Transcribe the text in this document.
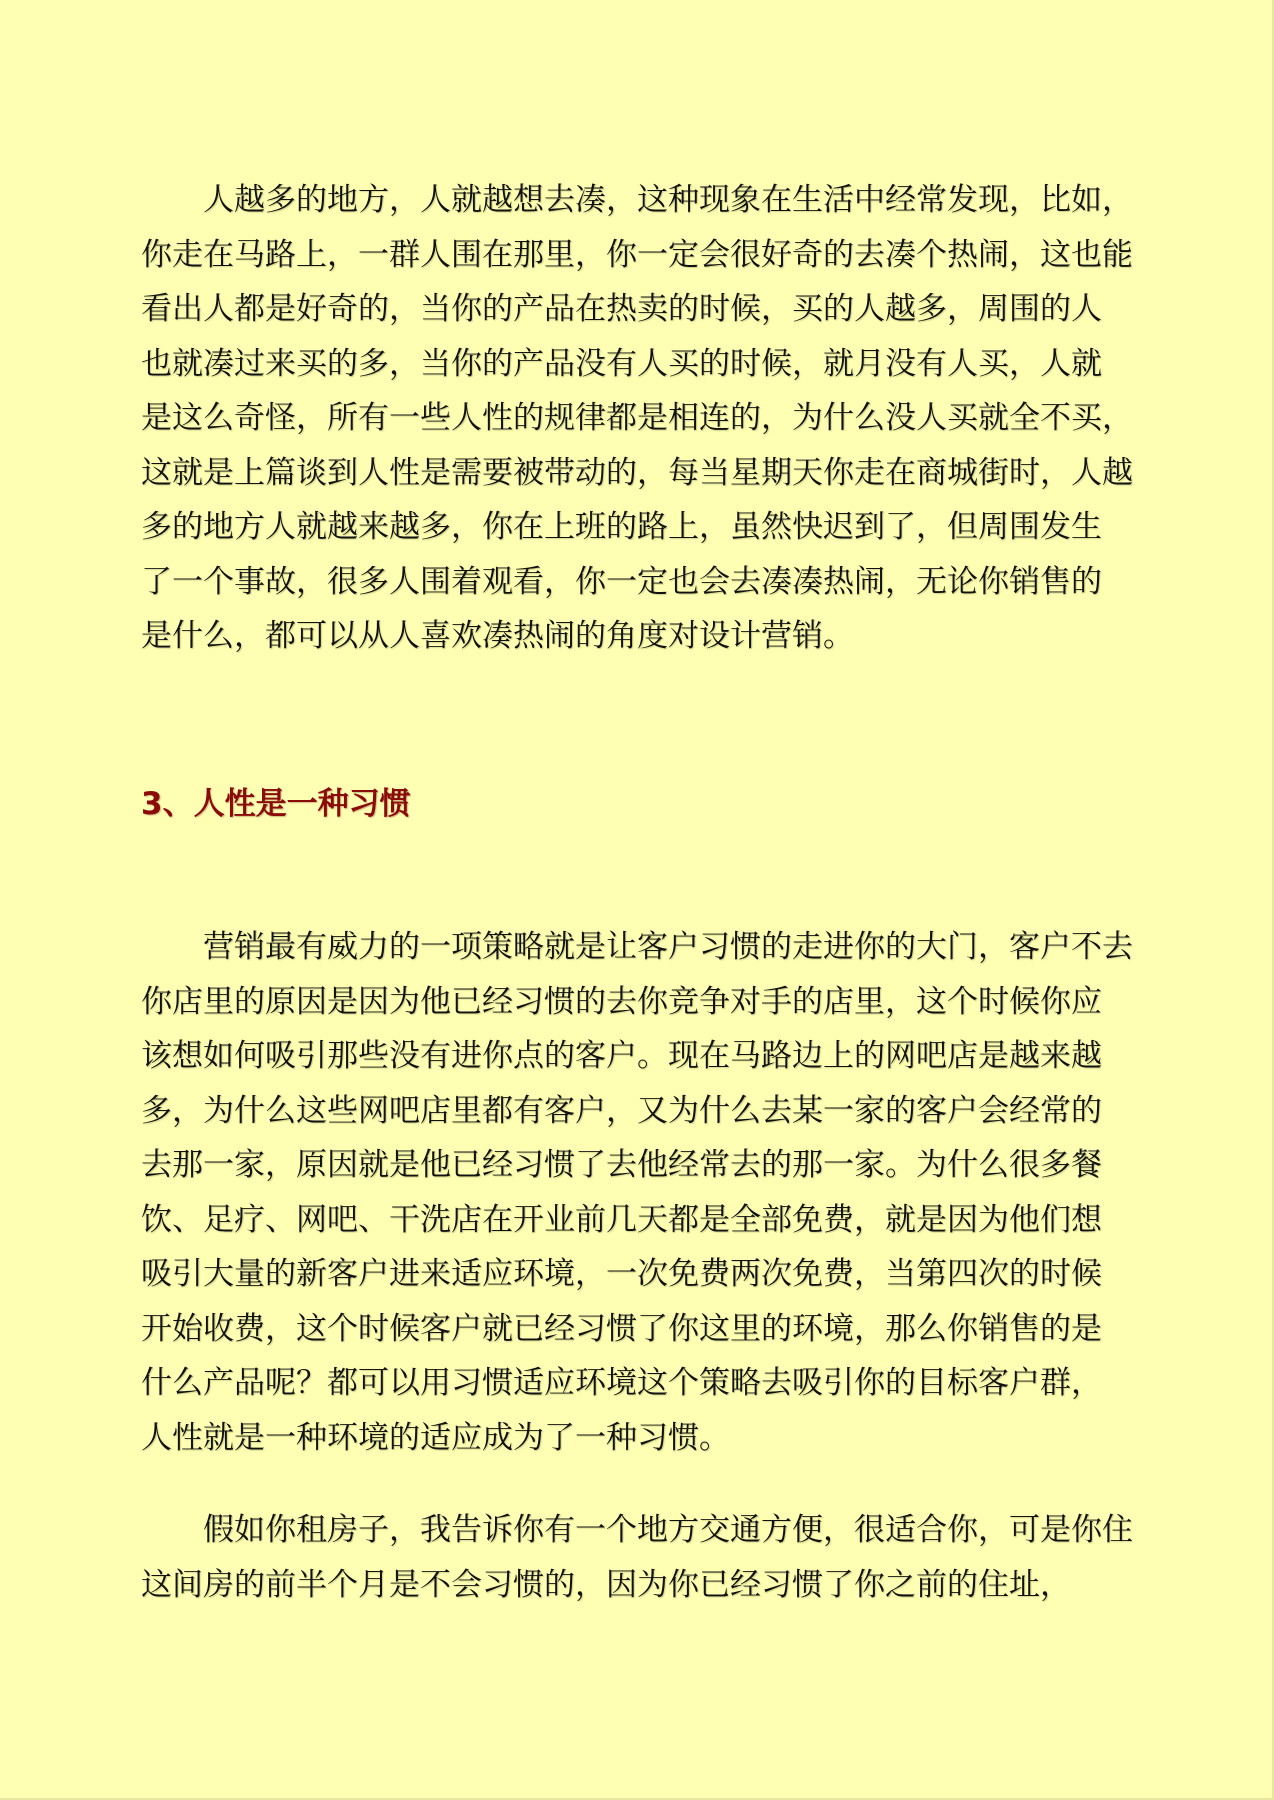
　　人越多的地方，人就越想去凑，这种现象在生活中经常发现，比如，
你走在马路上，一群人围在那里，你一定会很好奇的去凑个热闹，这也能
看出人都是好奇的，当你的产品在热卖的时候，买的人越多，周围的人
也就凑过来买的多，当你的产品没有人买的时候，就月没有人买，人就
是这么奇怪，所有一些人性的规律都是相连的，为什么没人买就全不买，
这就是上篇谈到人性是需要被带动的，每当星期天你走在商城街时，人越
多的地方人就越来越多，你在上班的路上，虽然快迟到了，但周围发生
了一个事故，很多人围着观看，你一定也会去凑凑热闹，无论你销售的
是什么，都可以从人喜欢凑热闹的角度对设计营销。

3、人性是一种习惯

　　营销最有威力的一项策略就是让客户习惯的走进你的大门，客户不去
你店里的原因是因为他已经习惯的去你竞争对手的店里，这个时候你应
该想如何吸引那些没有进你点的客户。现在马路边上的网吧店是越来越
多，为什么这些网吧店里都有客户，又为什么去某一家的客户会经常的
去那一家，原因就是他已经习惯了去他经常去的那一家。为什么很多餐
饮、足疗、网吧、干洗店在开业前几天都是全部免费，就是因为他们想
吸引大量的新客户进来适应环境，一次免费两次免费，当第四次的时候
开始收费，这个时候客户就已经习惯了你这里的环境，那么你销售的是
什么产品呢？都可以用习惯适应环境这个策略去吸引你的目标客户群，
人性就是一种环境的适应成为了一种习惯。

　　假如你租房子，我告诉你有一个地方交通方便，很适合你，可是你住
这间房的前半个月是不会习惯的，因为你已经习惯了你之前的住址，
